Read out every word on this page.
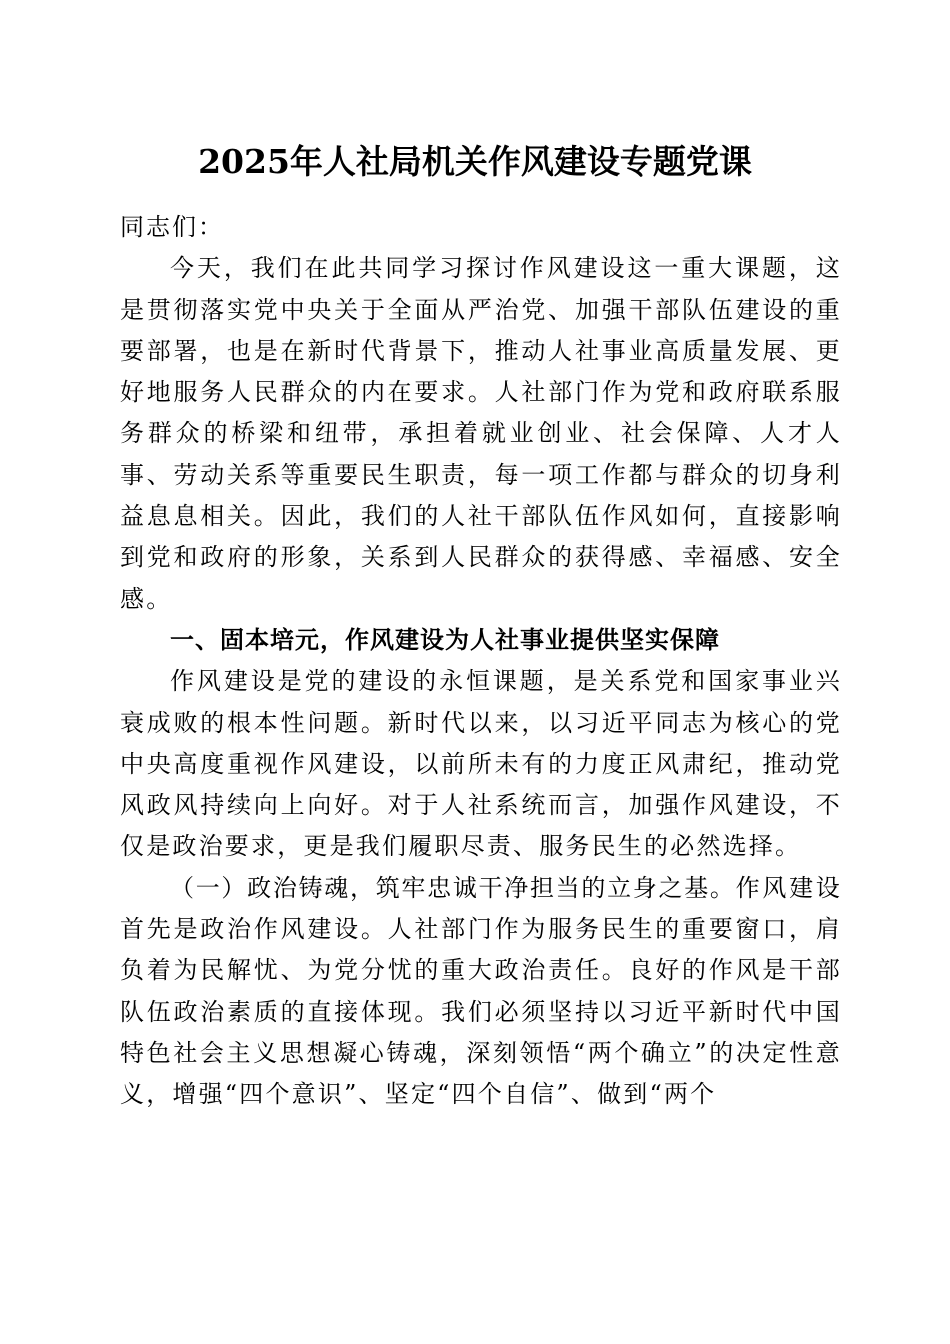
2025年人社局机关作风建设专题党课

同志们：

今天，我们在此共同学习探讨作风建设这一重大课题，这是贯彻落实党中央关于全面从严治党、加强干部队伍建设的重要部署，也是在新时代背景下，推动人社事业高质量发展、更好地服务人民群众的内在要求。人社部门作为党和政府联系服务群众的桥梁和纽带，承担着就业创业、社会保障、人才人事、劳动关系等重要民生职责，每一项工作都与群众的切身利益息息相关。因此，我们的人社干部队伍作风如何，直接影响到党和政府的形象，关系到人民群众的获得感、幸福感、安全感。

一、固本培元，作风建设为人社事业提供坚实保障

作风建设是党的建设的永恒课题，是关系党和国家事业兴衰成败的根本性问题。新时代以来，以习近平同志为核心的党中央高度重视作风建设，以前所未有的力度正风肃纪，推动党风政风持续向上向好。对于人社系统而言，加强作风建设，不仅是政治要求，更是我们履职尽责、服务民生的必然选择。

（一）政治铸魂，筑牢忠诚干净担当的立身之基。作风建设首先是政治作风建设。人社部门作为服务民生的重要窗口，肩负着为民解忧、为党分忧的重大政治责任。良好的作风是干部队伍政治素质的直接体现。我们必须坚持以习近平新时代中国特色社会主义思想凝心铸魂，深刻领悟“两个确立”的决定性意义，增强“四个意识”、坚定“四个自信”、做到“两个
